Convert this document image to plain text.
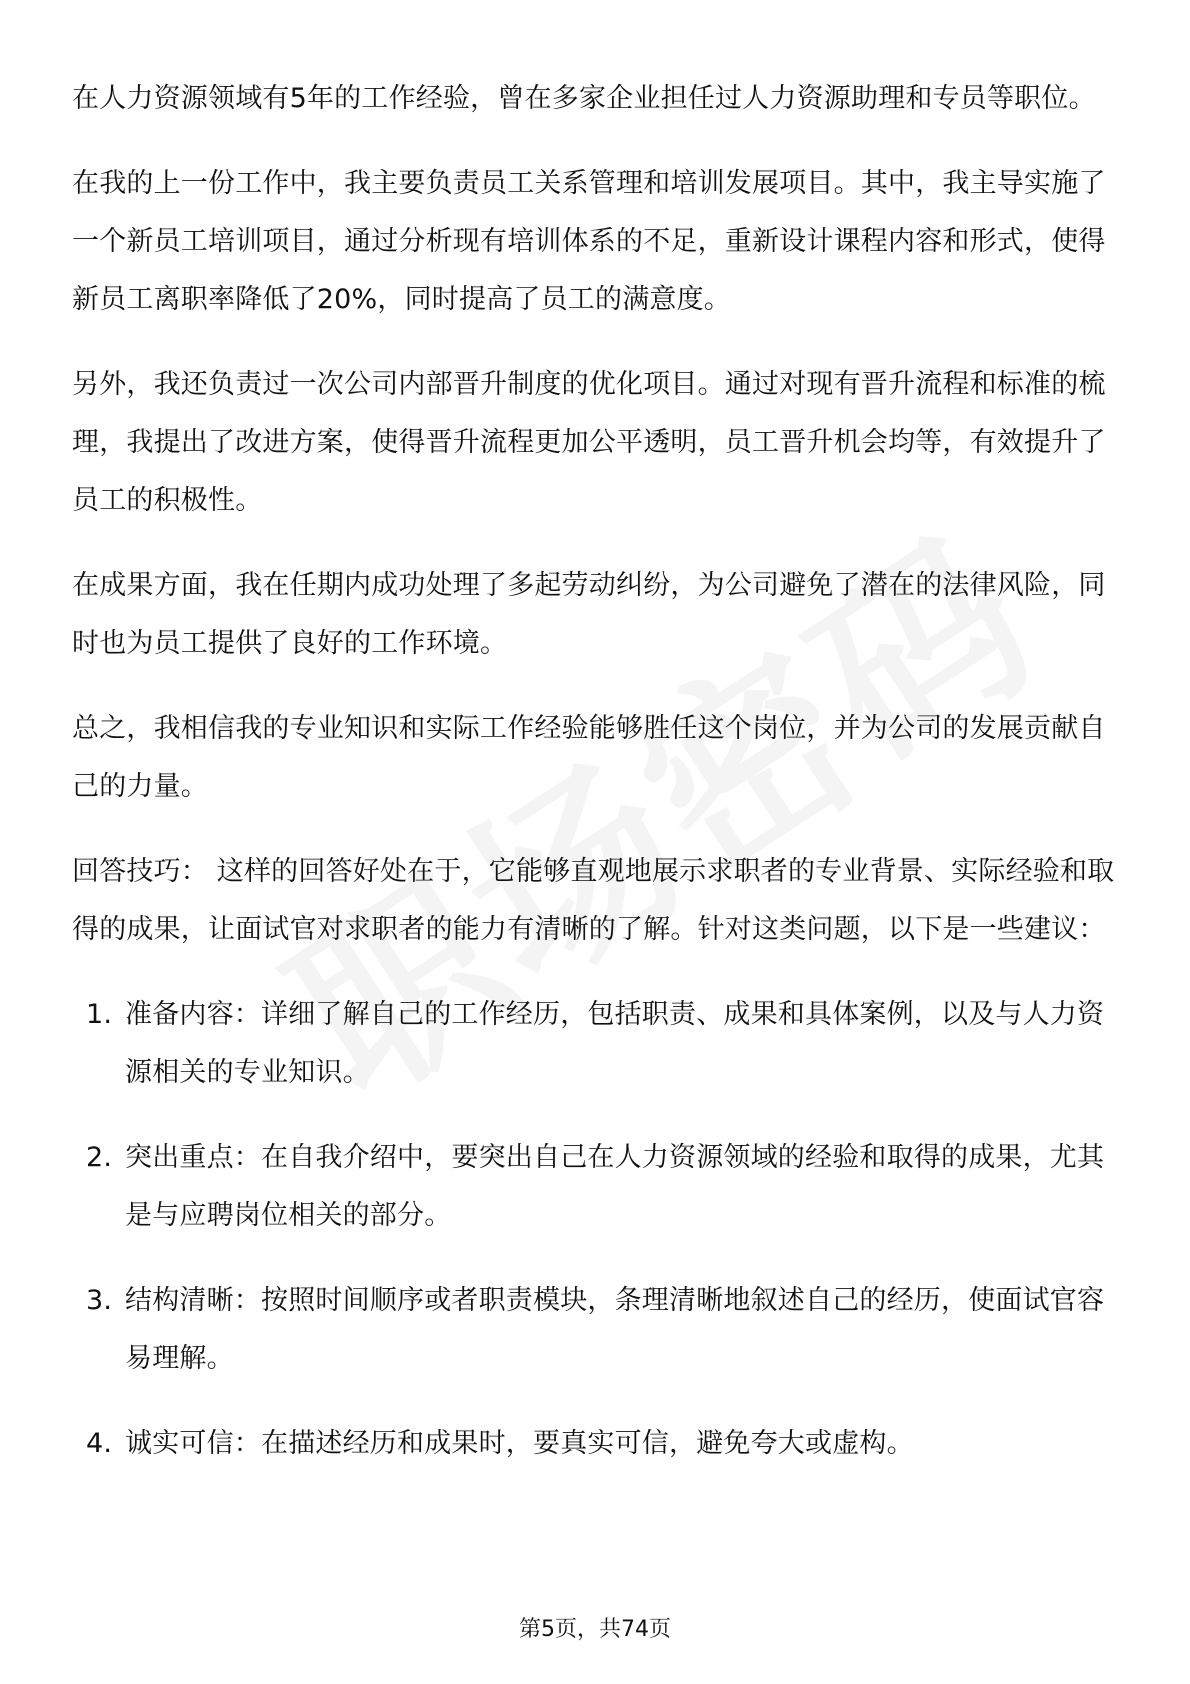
在人力资源领域有5年的工作经验，曾在多家企业担任过人力资源助理和专员等职位。

在我的上一份工作中，我主要负责员工关系管理和培训发展项目。其中，我主导实施了一个新员工培训项目，通过分析现有培训体系的不足，重新设计课程内容和形式，使得新员工离职率降低了20%，同时提高了员工的满意度。

另外，我还负责过一次公司内部晋升制度的优化项目。通过对现有晋升流程和标准的梳理，我提出了改进方案，使得晋升流程更加公平透明，员工晋升机会均等，有效提升了员工的积极性。

在成果方面，我在任期内成功处理了多起劳动纠纷，为公司避免了潜在的法律风险，同时也为员工提供了良好的工作环境。

总之，我相信我的专业知识和实际工作经验能够胜任这个岗位，并为公司的发展贡献自己的力量。

回答技巧： 这样的回答好处在于，它能够直观地展示求职者的专业背景、实际经验和取得的成果，让面试官对求职者的能力有清晰的了解。针对这类问题，以下是一些建议：

1. 准备内容：详细了解自己的工作经历，包括职责、成果和具体案例，以及与人力资源相关的专业知识。
2. 突出重点：在自我介绍中，要突出自己在人力资源领域的经验和取得的成果，尤其是与应聘岗位相关的部分。
3. 结构清晰：按照时间顺序或者职责模块，条理清晰地叙述自己的经历，使面试官容易理解。
4. 诚实可信：在描述经历和成果时，要真实可信，避免夸大或虚构。
第5页，共74页
